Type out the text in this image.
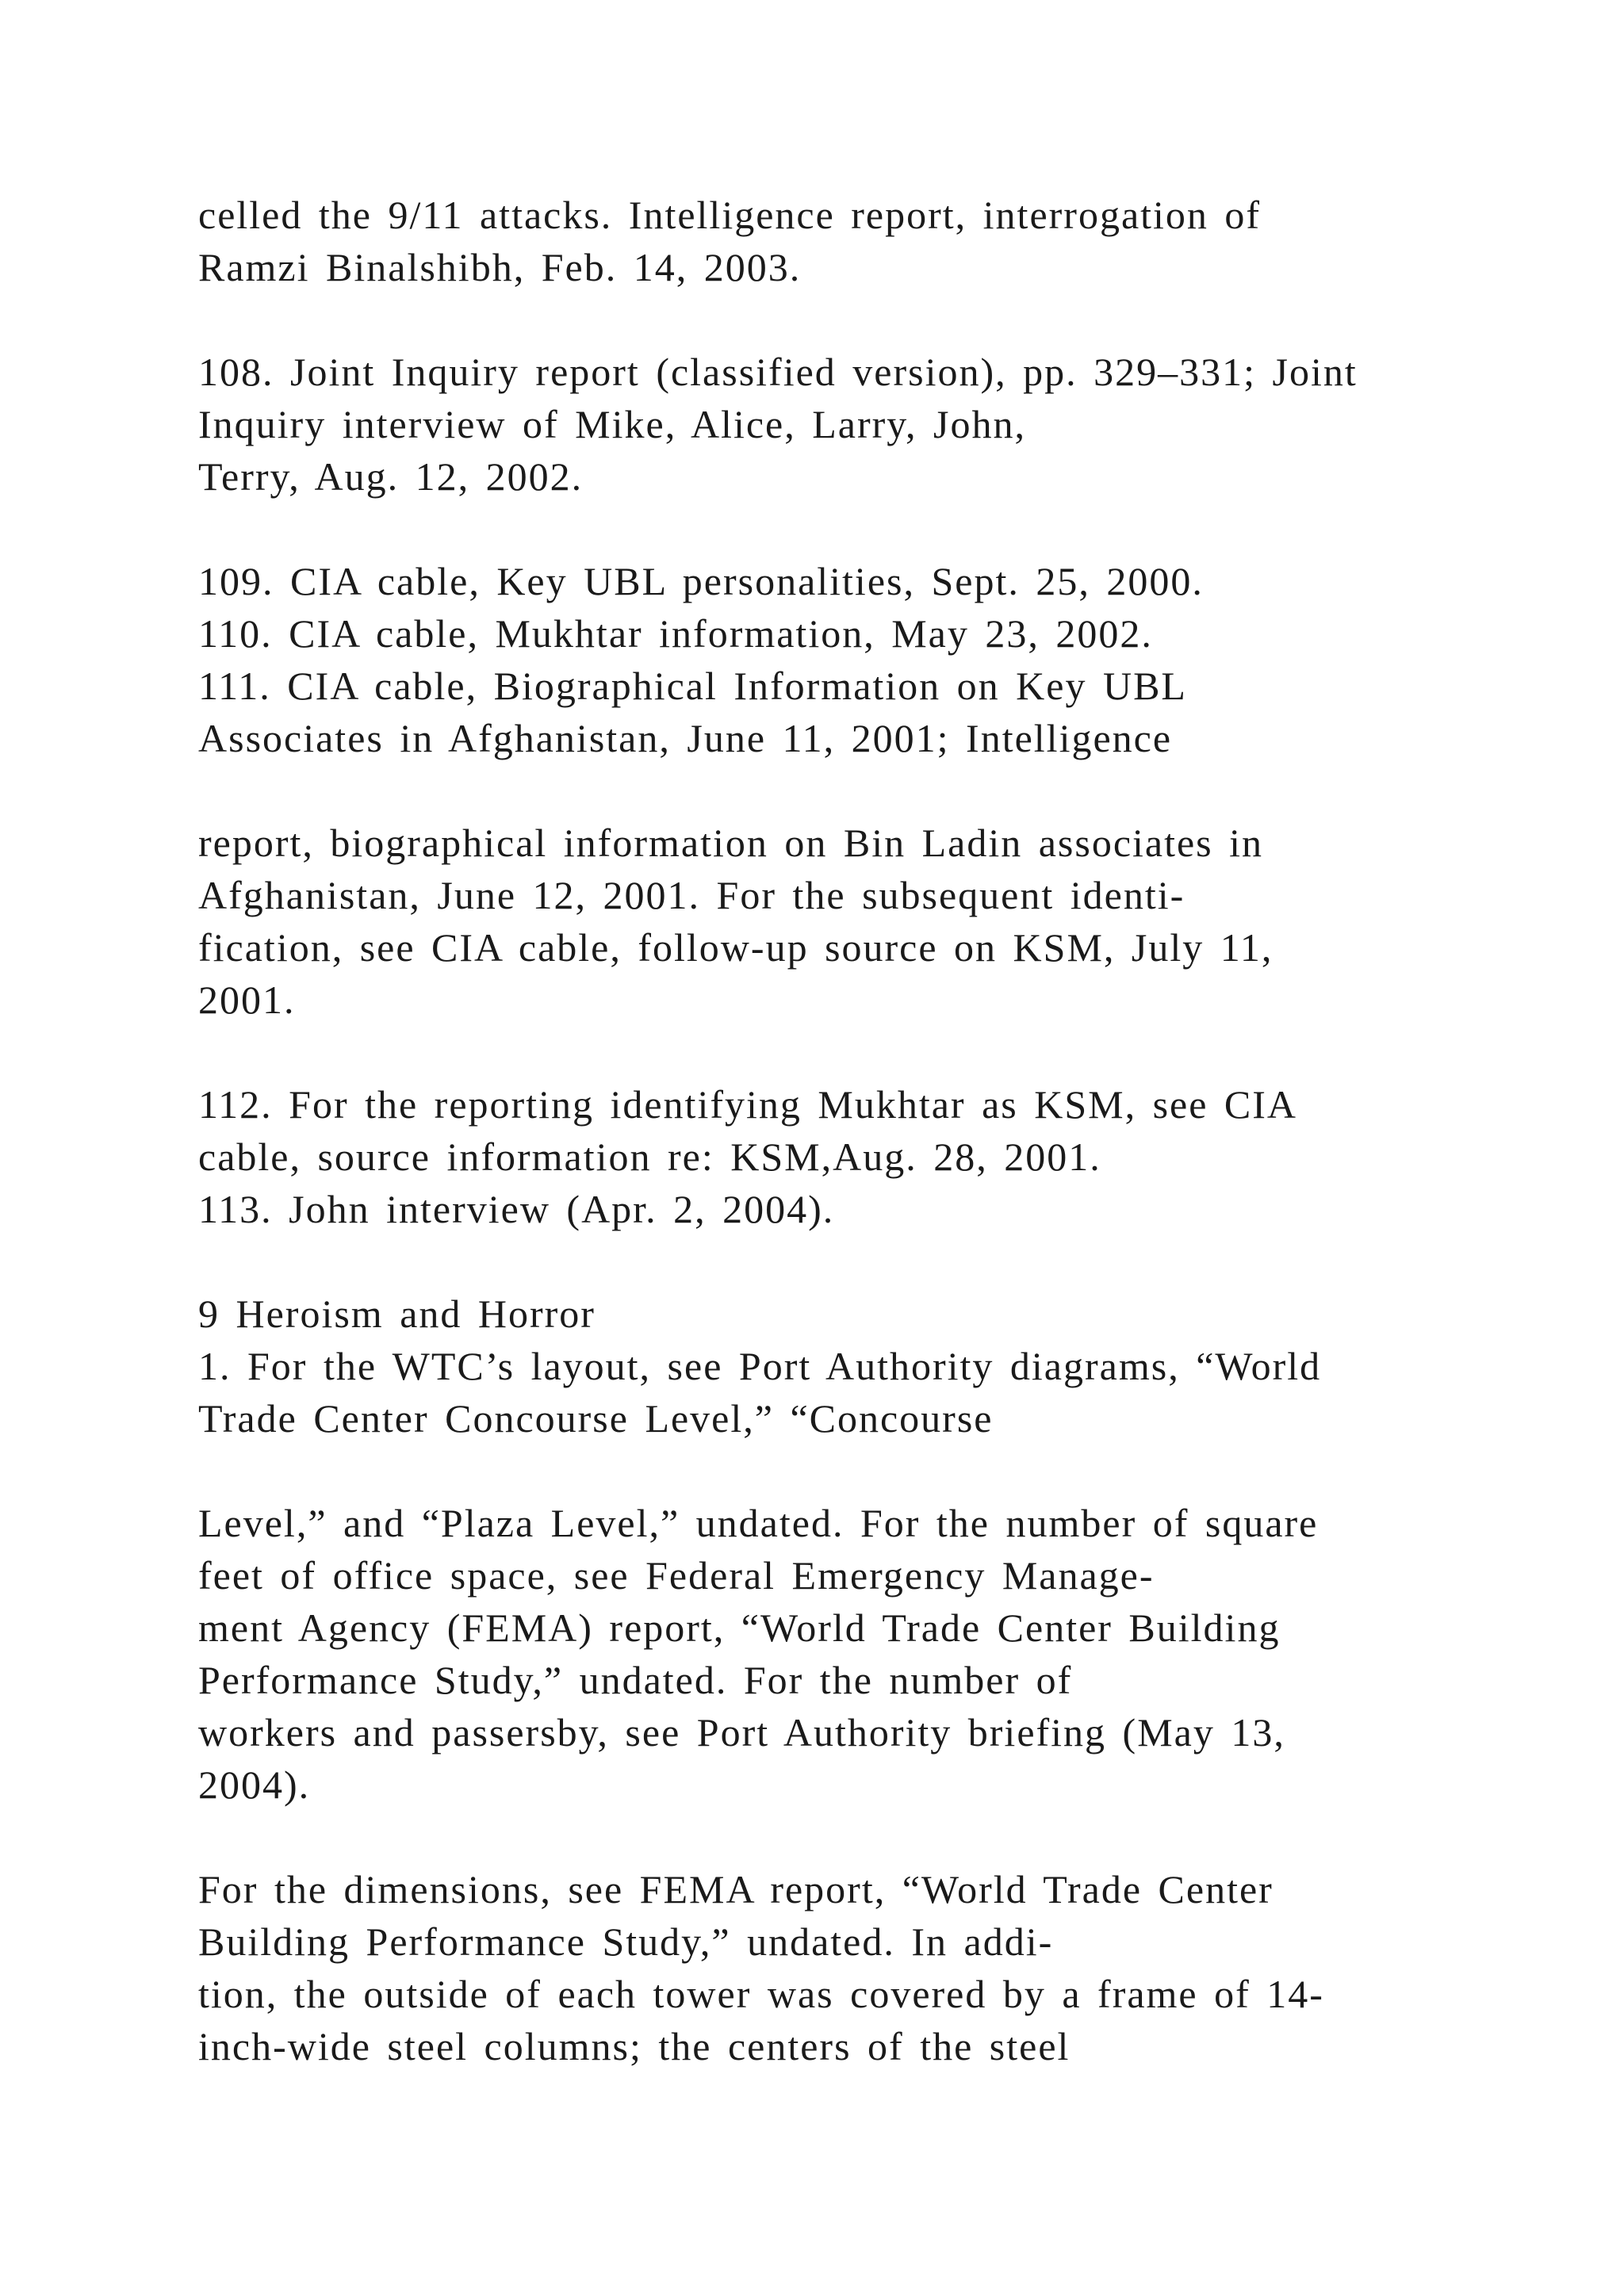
celled the 9/11 attacks. Intelligence report, interrogation of
Ramzi Binalshibh, Feb. 14, 2003.
108. Joint Inquiry report (classified version), pp. 329–331; Joint
Inquiry interview of Mike, Alice, Larry, John,
Terry, Aug. 12, 2002.
109. CIA cable, Key UBL personalities, Sept. 25, 2000.
110. CIA cable, Mukhtar information, May 23, 2002.
111. CIA cable, Biographical Information on Key UBL
Associates in Afghanistan, June 11, 2001; Intelligence
report, biographical information on Bin Ladin associates in
Afghanistan, June 12, 2001. For the subsequent identi-
fication, see CIA cable, follow-up source on KSM, July 11,
2001.
112. For the reporting identifying Mukhtar as KSM, see CIA
cable, source information re: KSM,Aug. 28, 2001.
113. John interview (Apr. 2, 2004).
9 Heroism and Horror
1. For the WTC’s layout, see Port Authority diagrams, “World
Trade Center Concourse Level,” “Concourse
Level,” and “Plaza Level,” undated. For the number of square
feet of office space, see Federal Emergency Manage-
ment Agency (FEMA) report, “World Trade Center Building
Performance Study,” undated. For the number of
workers and passersby, see Port Authority briefing (May 13,
2004).
For the dimensions, see FEMA report, “World Trade Center
Building Performance Study,” undated. In addi-
tion, the outside of each tower was covered by a frame of 14-
inch-wide steel columns; the centers of the steel
